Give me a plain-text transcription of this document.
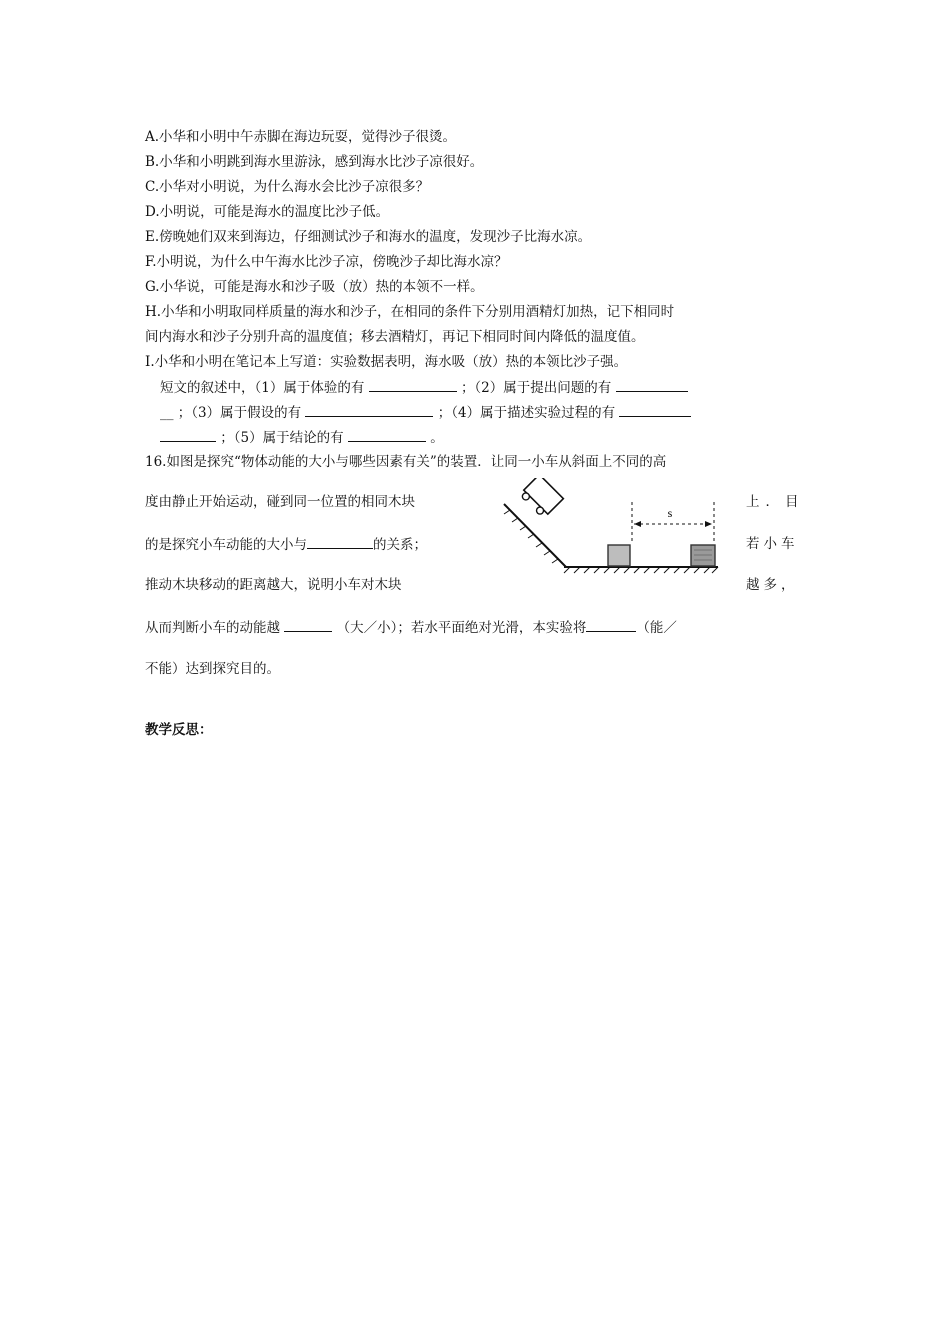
A.小华和小明中午赤脚在海边玩耍，觉得沙子很烫。
B.小华和小明跳到海水里游泳，感到海水比沙子凉很好。
C.小华对小明说，为什么海水会比沙子凉很多？
D.小明说，可能是海水的温度比沙子低。
E.傍晚她们双来到海边，仔细测试沙子和海水的温度，发现沙子比海水凉。
F.小明说，为什么中午海水比沙子凉，傍晚沙子却比海水凉？
G.小华说，可能是海水和沙子吸（放）热的本领不一样。
H.小华和小明取同样质量的海水和沙子，在相同的条件下分别用酒精灯加热，记下相同时
间内海水和沙子分别升高的温度值；移去酒精灯，再记下相同时间内降低的温度值。
I.小华和小明在笔记本上写道：实验数据表明，海水吸（放）热的本领比沙子强。
短文的叙述中，（1）属于体验的有	；（2）属于提出问题的有
__ ；（3）属于假设的有	；（4）属于描述实验过程的有
；（5）属于结论的有	。
16.如图是探究“物体动能的大小与哪些因素有关”的装置．让同一小车从斜面上不同的高
度由静止开始运动，碰到同一位置的相同木块	上．目
的是探究小车动能的大小与	的关系；	若小车
推动木块移动的距离越大，说明小车对木块	越多，
从而判断小车的动能越	（大／小）；若水平面绝对光滑，本实验将	（能／
不能）达到探究目的。
s
教学反思：
